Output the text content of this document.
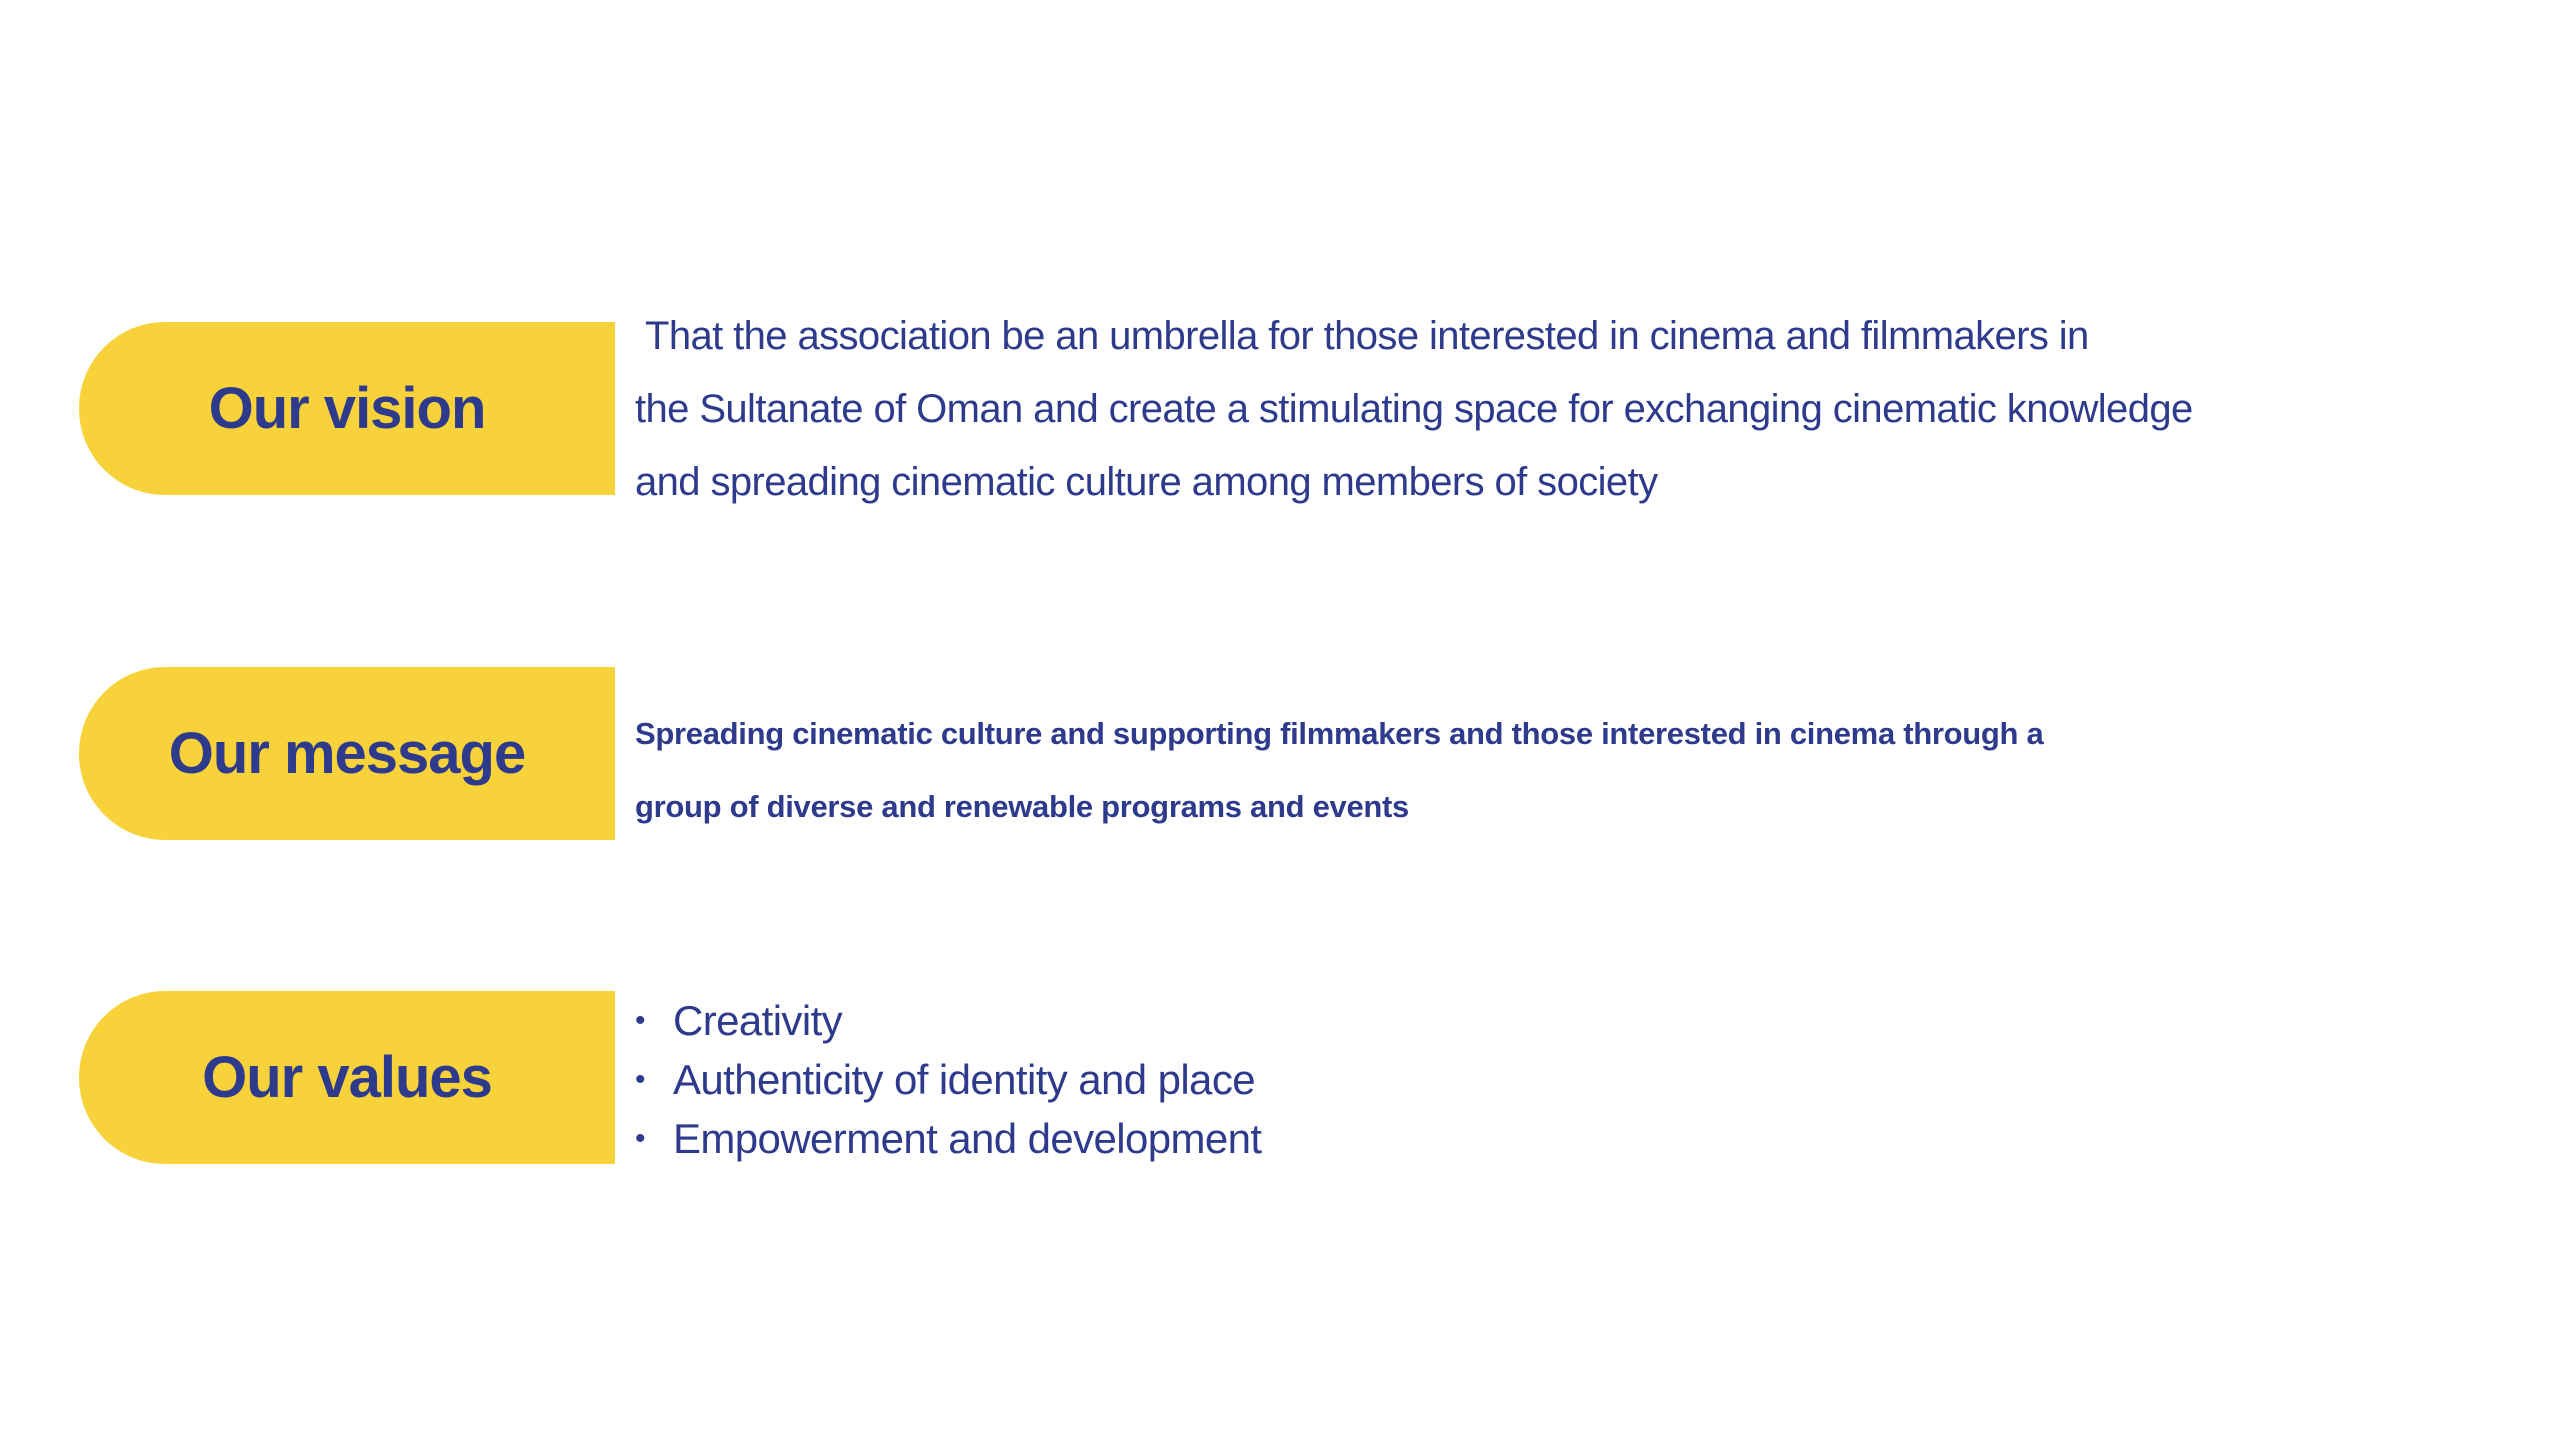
Our vision
That the association be an umbrella for those interested in cinema and filmmakers in
the Sultanate of Oman and create a stimulating space for exchanging cinematic knowledge
and spreading cinematic culture among members of society
Our message	Spreading cinematic culture and supporting filmmakers and those interested in cinema through a
group of diverse and renewable programs and events
Our values
• Creativity
• Authenticity of identity and place
• Empowerment and development
